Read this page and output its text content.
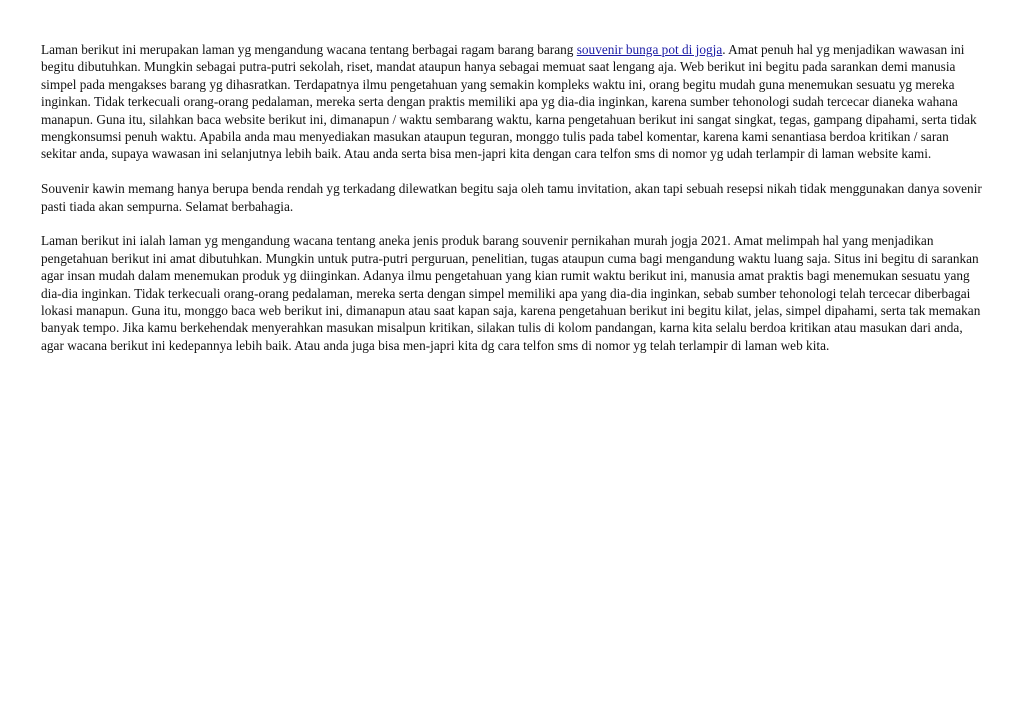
Laman berikut ini merupakan laman yg mengandung wacana tentang berbagai ragam barang barang souvenir bunga pot di jogja. Amat penuh hal yg menjadikan wawasan ini begitu dibutuhkan. Mungkin sebagai putra-putri sekolah, riset, mandat ataupun hanya sebagai memuat saat lengang aja. Web berikut ini begitu pada sarankan demi manusia simpel pada mengakses barang yg dihasratkan. Terdapatnya ilmu pengetahuan yang semakin kompleks waktu ini, orang begitu mudah guna menemukan sesuatu yg mereka inginkan. Tidak terkecuali orang-orang pedalaman, mereka serta dengan praktis memiliki apa yg dia-dia inginkan, karena sumber tehonologi sudah tercecar dianeka wahana manapun. Guna itu, silahkan baca website berikut ini, dimanapun / waktu sembarang waktu, karna pengetahuan berikut ini sangat singkat, tegas, gampang dipahami, serta tidak mengkonsumsi penuh waktu. Apabila anda mau menyediakan masukan ataupun teguran, monggo tulis pada tabel komentar, karena kami senantiasa berdoa kritikan / saran sekitar anda, supaya wawasan ini selanjutnya lebih baik. Atau anda serta bisa men-japri kita dengan cara telfon sms di nomor yg udah terlampir di laman website kami.

Souvenir kawin memang hanya berupa benda rendah yg terkadang dilewatkan begitu saja oleh tamu invitation, akan tapi sebuah resepsi nikah tidak menggunakan danya sovenir pasti tiada akan sempurna. Selamat berbahagia.

Laman berikut ini ialah laman yg mengandung wacana tentang aneka jenis produk barang souvenir pernikahan murah jogja 2021. Amat melimpah hal yang menjadikan pengetahuan berikut ini amat dibutuhkan. Mungkin untuk putra-putri perguruan, penelitian, tugas ataupun cuma bagi mengandung waktu luang saja. Situs ini begitu di sarankan agar insan mudah dalam menemukan produk yg diinginkan. Adanya ilmu pengetahuan yang kian rumit waktu berikut ini, manusia amat praktis bagi menemukan sesuatu yang dia-dia inginkan. Tidak terkecuali orang-orang pedalaman, mereka serta dengan simpel memiliki apa yang dia-dia inginkan, sebab sumber tehonologi telah tercecar diberbagai lokasi manapun. Guna itu, monggo baca web berikut ini, dimanapun atau saat kapan saja, karena pengetahuan berikut ini begitu kilat, jelas, simpel dipahami, serta tak memakan banyak tempo. Jika kamu berkehendak menyerahkan masukan misalpun kritikan, silakan tulis di kolom pandangan, karna kita selalu berdoa kritikan atau masukan dari anda, agar wacana berikut ini kedepannya lebih baik. Atau anda juga bisa men-japri kita dg cara telfon sms di nomor yg telah terlampir di laman web kita.
